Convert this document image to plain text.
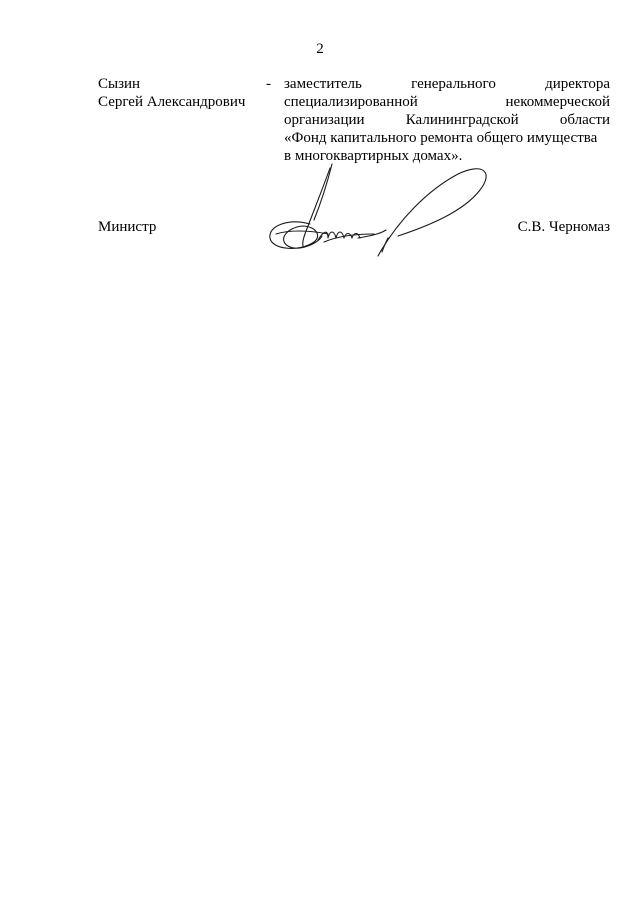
2
Сызин
Сергей Александрович
- заместитель	генерального	директора
специализированной	некоммерческой
организации	Калининградской	области
«Фонд капитального ремонта общего имущества
в многоквартирных домах».
Министр	С.В. Черномаз
